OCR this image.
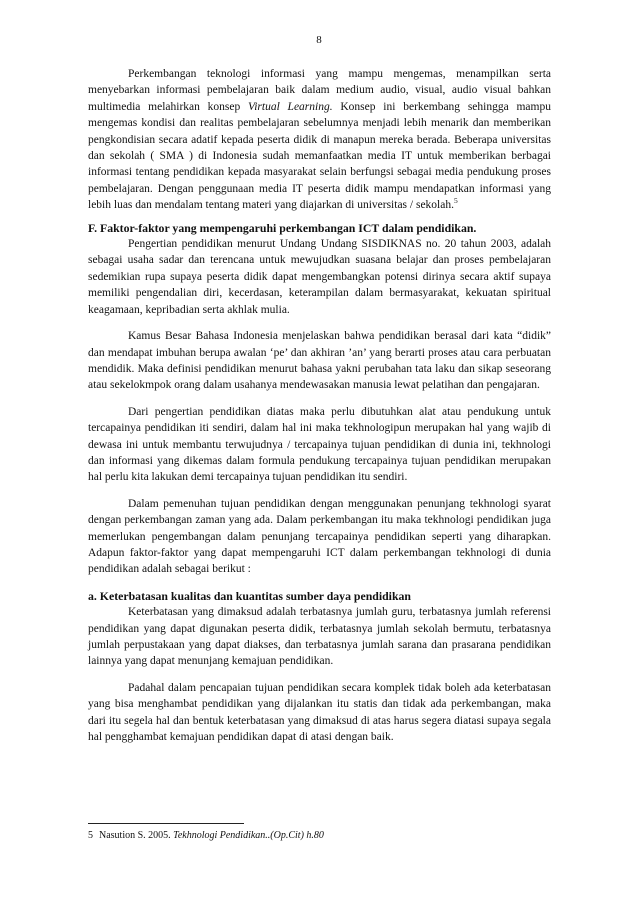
8

Perkembangan teknologi informasi yang mampu mengemas, menampilkan serta menyebarkan informasi pembelajaran baik dalam medium audio, visual, audio visual bahkan multimedia melahirkan konsep Virtual Learning. Konsep ini berkembang sehingga mampu mengemas kondisi dan realitas pembelajaran sebelumnya menjadi lebih menarik dan memberikan pengkondisian secara adatif kepada peserta didik di manapun mereka berada. Beberapa universitas dan sekolah ( SMA ) di Indonesia sudah memanfaatkan media IT untuk memberikan berbagai informasi tentang pendidikan kepada masyarakat selain berfungsi sebagai media pendukung proses pembelajaran. Dengan penggunaan media IT peserta didik mampu mendapatkan informasi yang lebih luas dan mendalam tentang materi yang diajarkan di universitas / sekolah.$^5$

F. Faktor-faktor yang mempengaruhi perkembangan ICT dalam pendidikan.

Pengertian pendidikan menurut Undang Undang SISDIKNAS no. 20 tahun 2003, adalah sebagai usaha sadar dan terencana untuk mewujudkan suasana belajar dan proses pembelajaran sedemikian rupa supaya peserta didik dapat mengembangkan potensi dirinya secara aktif supaya memiliki pengendalian diri, kecerdasan, keterampilan dalam bermasyarakat, kekuatan spiritual keagamaan, kepribadian serta akhlak mulia.

Kamus Besar Bahasa Indonesia menjelaskan bahwa pendidikan berasal dari kata “didik” dan mendapat imbuhan berupa awalan ‘pe’ dan akhiran ’an’ yang berarti proses atau cara perbuatan mendidik. Maka definisi pendidikan menurut bahasa yakni perubahan tata laku dan sikap seseorang atau sekelokmpok orang dalam usahanya mendewasakan manusia lewat pelatihan dan pengajaran.

Dari pengertian pendidikan diatas maka perlu dibutuhkan alat atau pendukung untuk tercapainya pendidikan iti sendiri, dalam hal ini maka tekhnologipun merupakan hal yang wajib di dewasa ini untuk membantu terwujudnya / tercapainya tujuan pendidikan di dunia ini, tekhnologi dan informasi yang dikemas dalam formula pendukung tercapainya tujuan pendidikan merupakan hal perlu kita lakukan demi tercapainya tujuan pendidikan itu sendiri.

Dalam pemenuhan tujuan pendidikan dengan menggunakan penunjang tekhnologi syarat dengan perkembangan zaman yang ada. Dalam perkembangan itu maka tekhnologi pendidikan juga memerlukan pengembangan dalam penunjang tercapainya pendidikan seperti yang diharapkan. Adapun faktor-faktor yang dapat mempengaruhi ICT dalam perkembangan tekhnologi di dunia pendidikan adalah sebagai berikut :

a. Keterbatasan kualitas dan kuantitas sumber daya pendidikan

Keterbatasan yang dimaksud adalah terbatasnya jumlah guru, terbatasnya jumlah referensi pendidikan yang dapat digunakan peserta didik, terbatasnya jumlah sekolah bermutu, terbatasnya jumlah perpustakaan yang dapat diakses, dan terbatasnya jumlah sarana dan prasarana pendidikan lainnya yang dapat menunjang kemajuan pendidikan.

Padahal dalam pencapaian tujuan pendidikan secara komplek tidak boleh ada keterbatasan yang bisa menghambat pendidikan yang dijalankan itu statis dan tidak ada perkembangan, maka dari itu segela hal dan bentuk keterbatasan yang dimaksud di atas harus segera diatasi supaya segala hal pengghambat kemajuan pendidikan dapat di atasi dengan baik.

5 Nasution S. 2005. Tekhnologi Pendidikan..(Op.Cit) h.80
